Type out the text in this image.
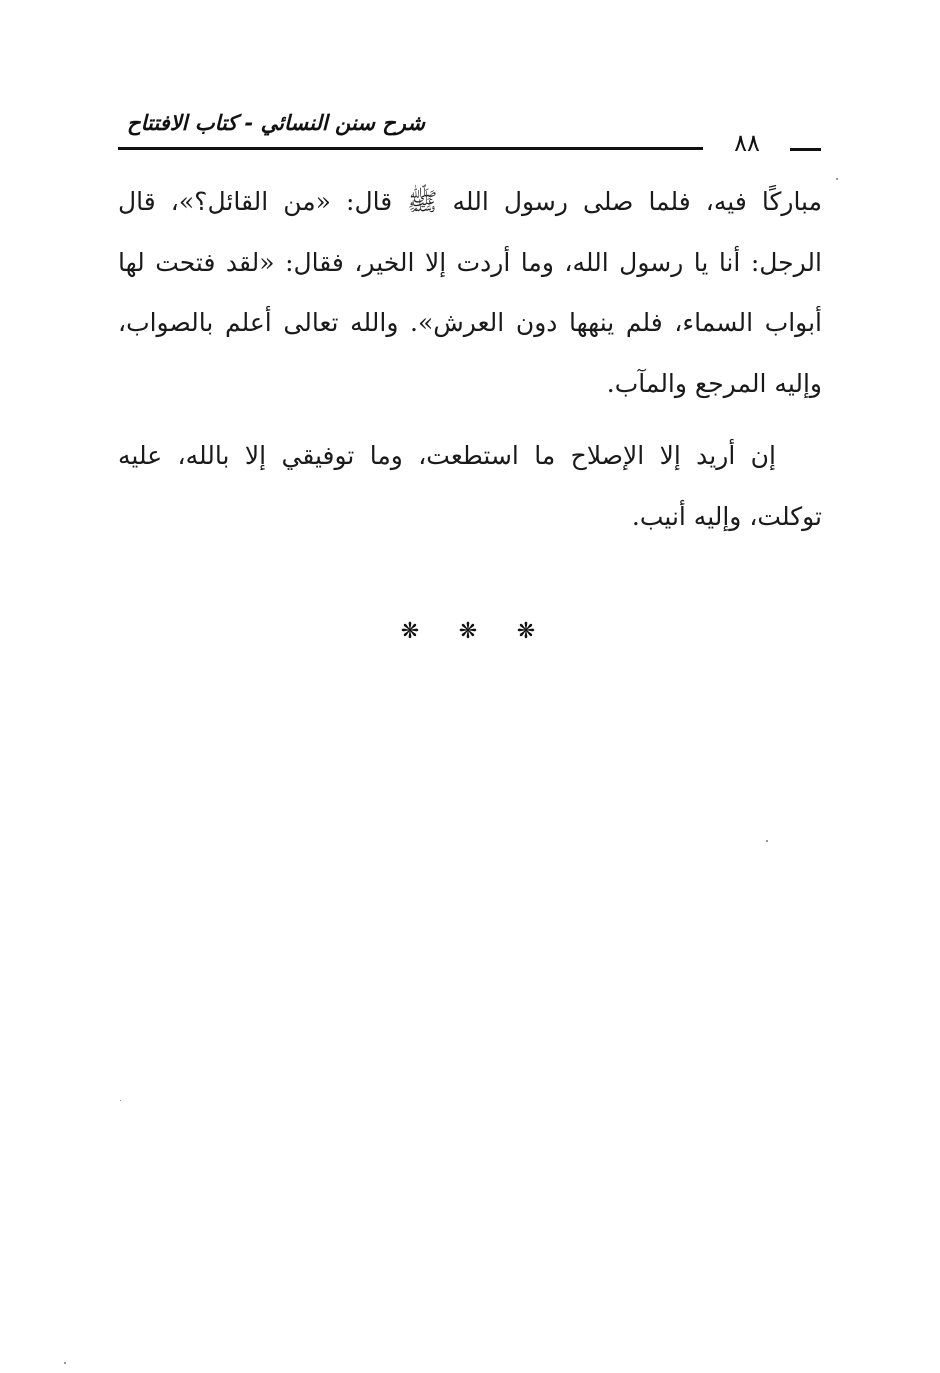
شرح سنن النسائي - كتاب الافتتاح
٨٨

مباركًا فيه، فلما صلى رسول الله ﷺ قال: «من القائل؟»، قال الرجل: أنا يا رسول الله، وما أردت إلا الخير، فقال: «لقد فتحت لها أبواب السماء، فلم ينهها دون العرش». والله تعالى أعلم بالصواب، وإليه المرجع والمآب.

إن أريد إلا الإصلاح ما استطعت، وما توفيقي إلا بالله، عليه توكلت، وإليه أنيب.

❋ ❋ ❋
